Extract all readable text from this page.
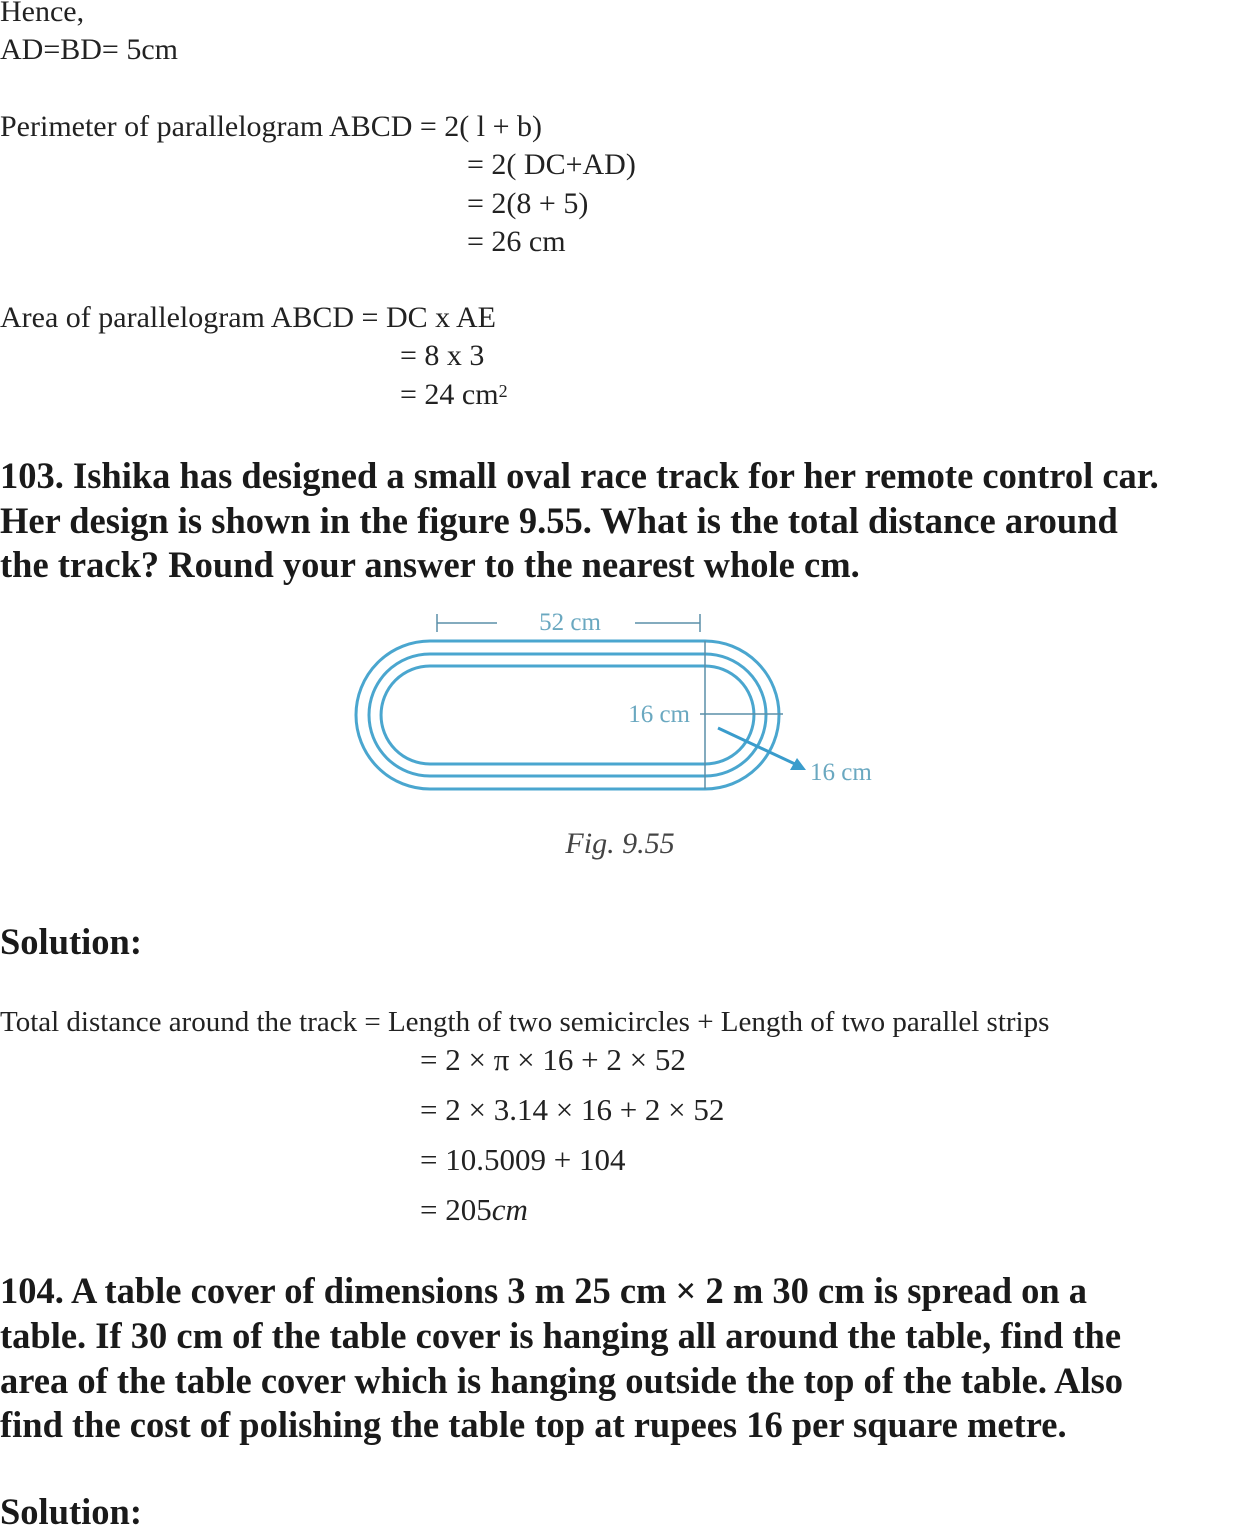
Hence,
AD=BD= 5cm
Perimeter of parallelogram ABCD = 2( l + b)
= 2( DC+AD)
= 2(8 + 5)
= 26 cm
Area of parallelogram ABCD = DC x AE
= 8 x 3
= 24 $cm^2$
103. Ishika has designed a small oval race track for her remote control car.
Her design is shown in the figure 9.55. What is the total distance around
the track? Round your answer to the nearest whole cm.
52 cm
16 cm
16 cm
Fig. 9.55
Solution:
Total distance around the track = Length of two semicircles + Length of two parallel strips
= 2 × π × 16 + 2 × 52
= 2 × 3.14 × 16 + 2 × 52
= 10.5009 + 104
= 205cm
104. A table cover of dimensions 3 m 25 cm × 2 m 30 cm is spread on a
table. If 30 cm of the table cover is hanging all around the table, find the
area of the table cover which is hanging outside the top of the table. Also
find the cost of polishing the table top at rupees 16 per square metre.
Solution:
